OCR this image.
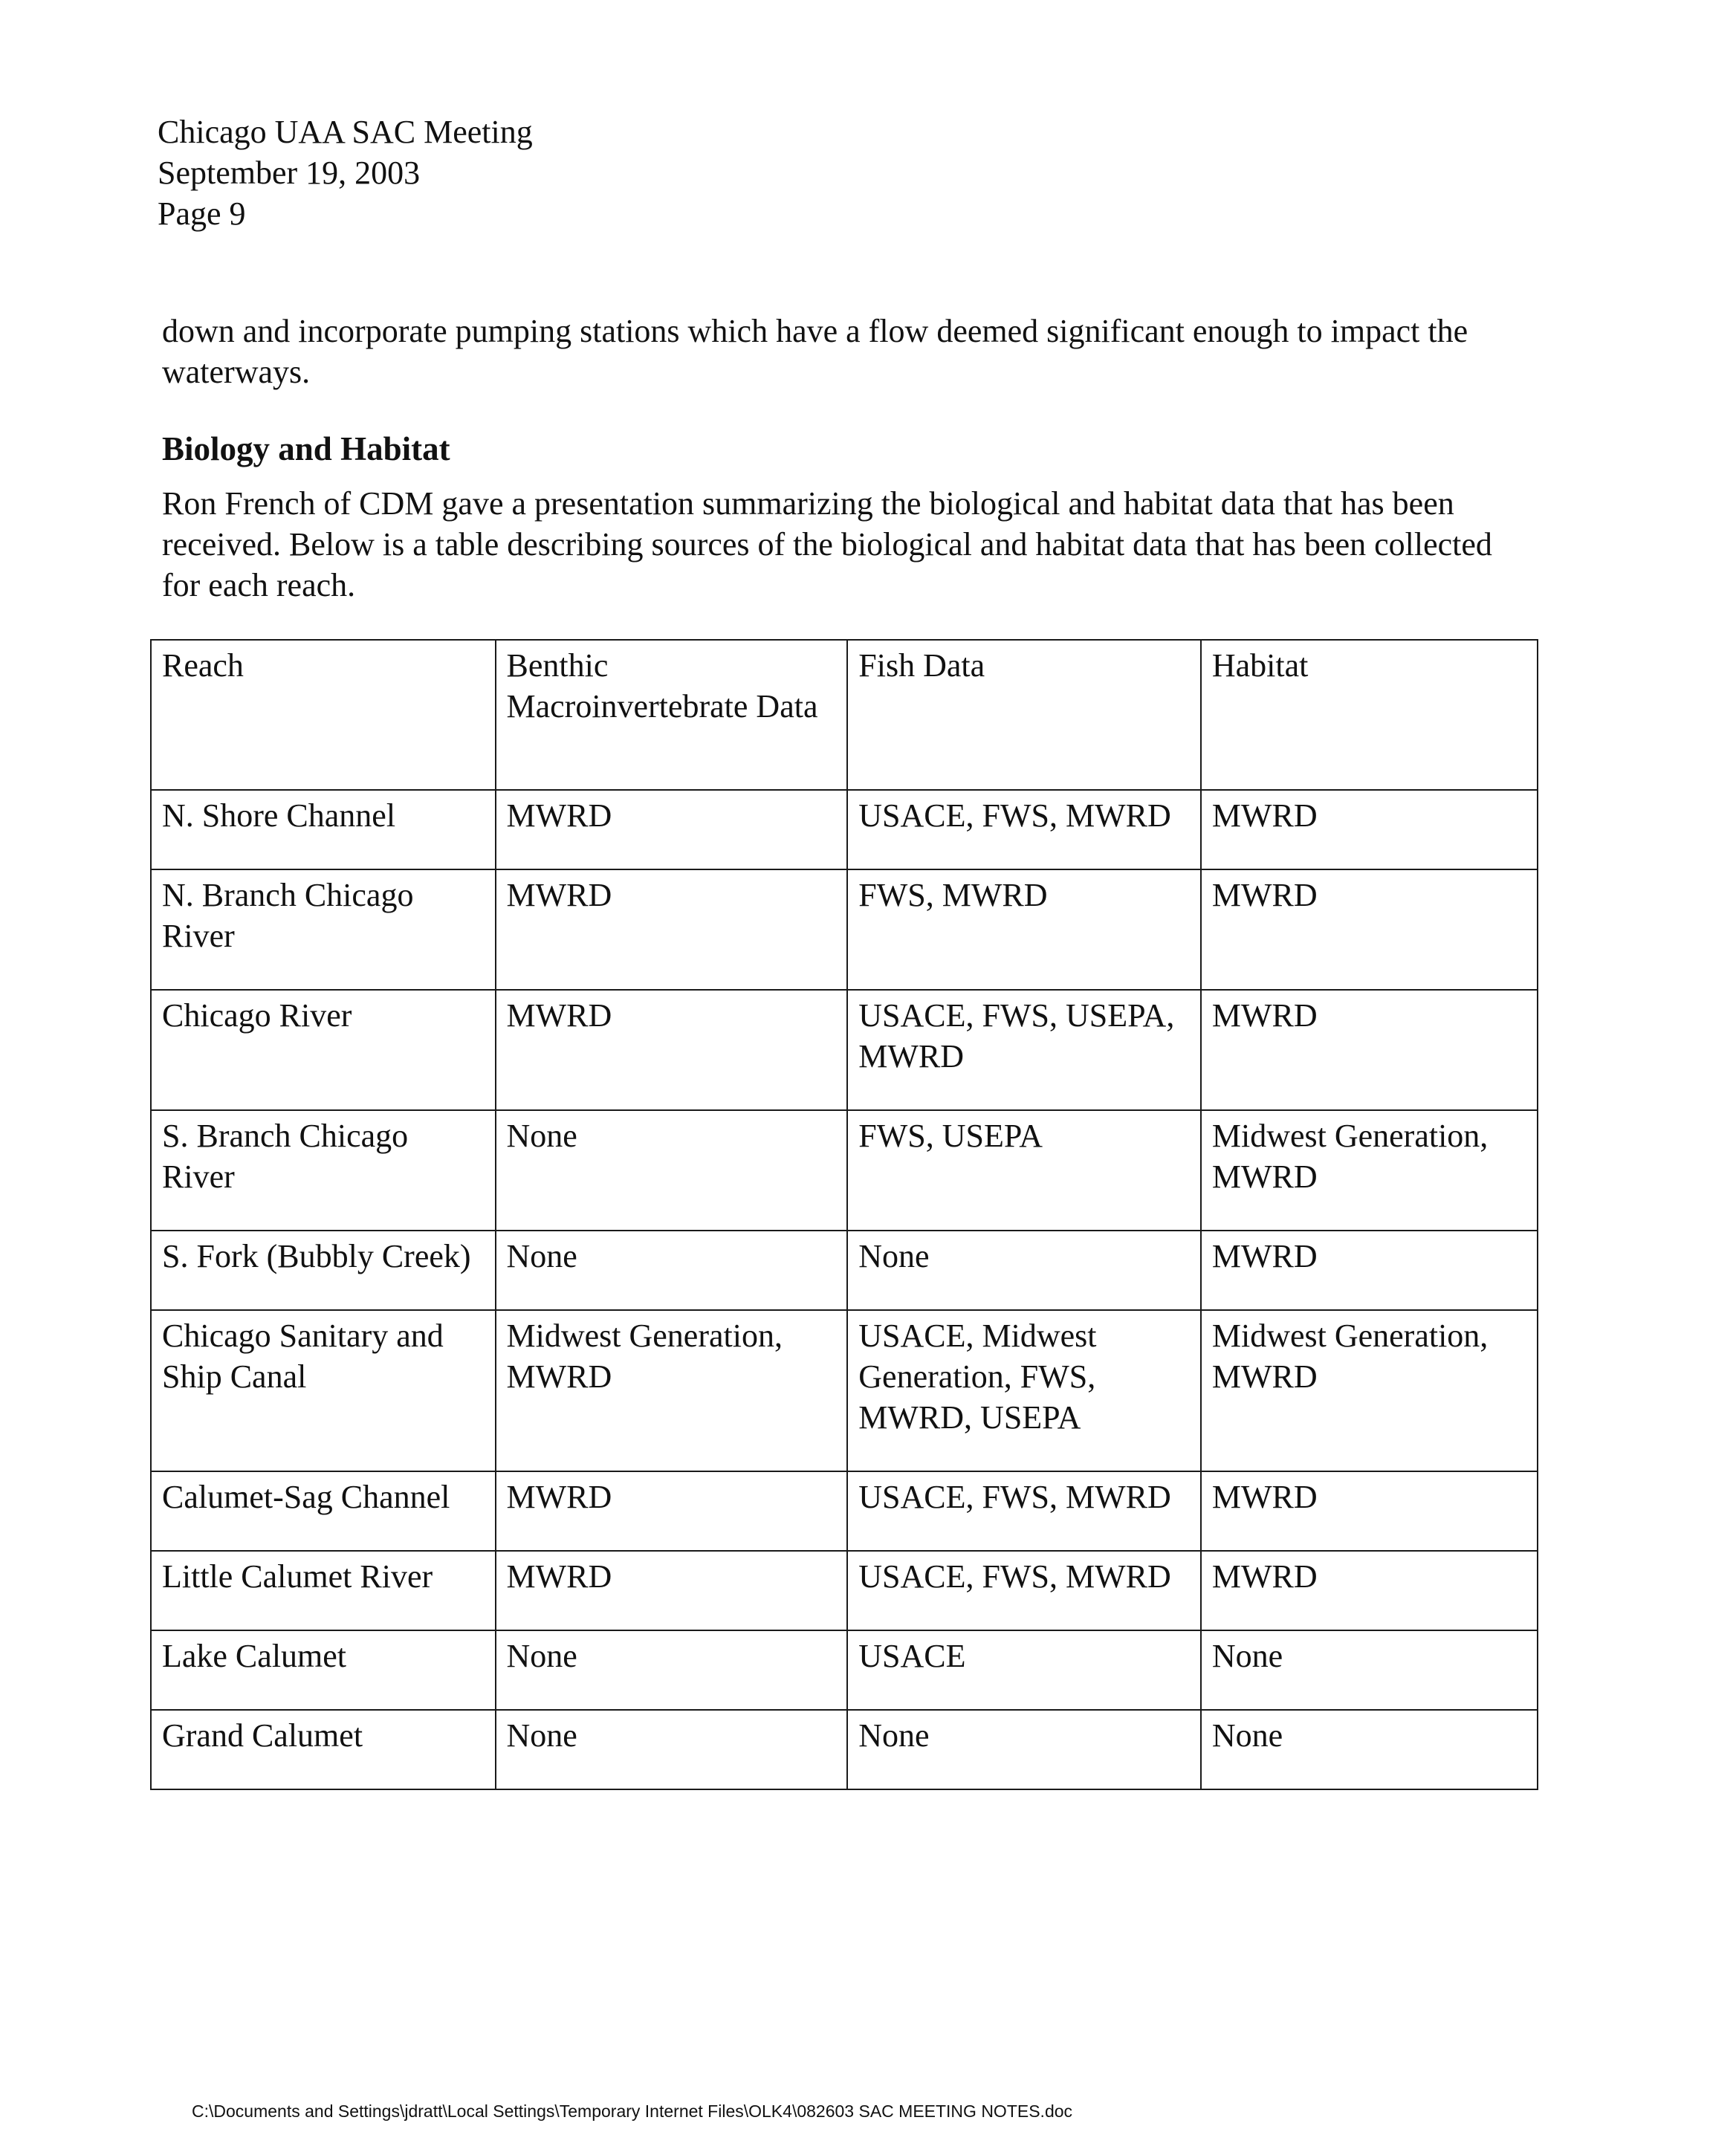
Chicago UAA SAC Meeting
September 19, 2003
Page 9
down and incorporate pumping stations which have a flow deemed significant enough to impact the waterways.
Biology and Habitat
Ron French of CDM gave a presentation summarizing the biological and habitat data that has been received. Below is a table describing sources of the biological and habitat data that has been collected for each reach.
Reach	Benthic Macroinvertebrate Data	Fish Data	Habitat
N. Shore Channel	MWRD	USACE, FWS, MWRD	MWRD
N. Branch Chicago River	MWRD	FWS, MWRD	MWRD
Chicago River	MWRD	USACE, FWS, USEPA, MWRD	MWRD
S. Branch Chicago River	None	FWS, USEPA	Midwest Generation, MWRD
S. Fork (Bubbly Creek)	None	None	MWRD
Chicago Sanitary and Ship Canal	Midwest Generation, MWRD	USACE, Midwest Generation, FWS, MWRD, USEPA	Midwest Generation, MWRD
Calumet-Sag Channel	MWRD	USACE, FWS, MWRD	MWRD
Little Calumet River	MWRD	USACE, FWS, MWRD	MWRD
Lake Calumet	None	USACE	None
Grand Calumet	None	None	None
C:\Documents and Settings\jdratt\Local Settings\Temporary Internet Files\OLK4\082603 SAC MEETING NOTES.doc
